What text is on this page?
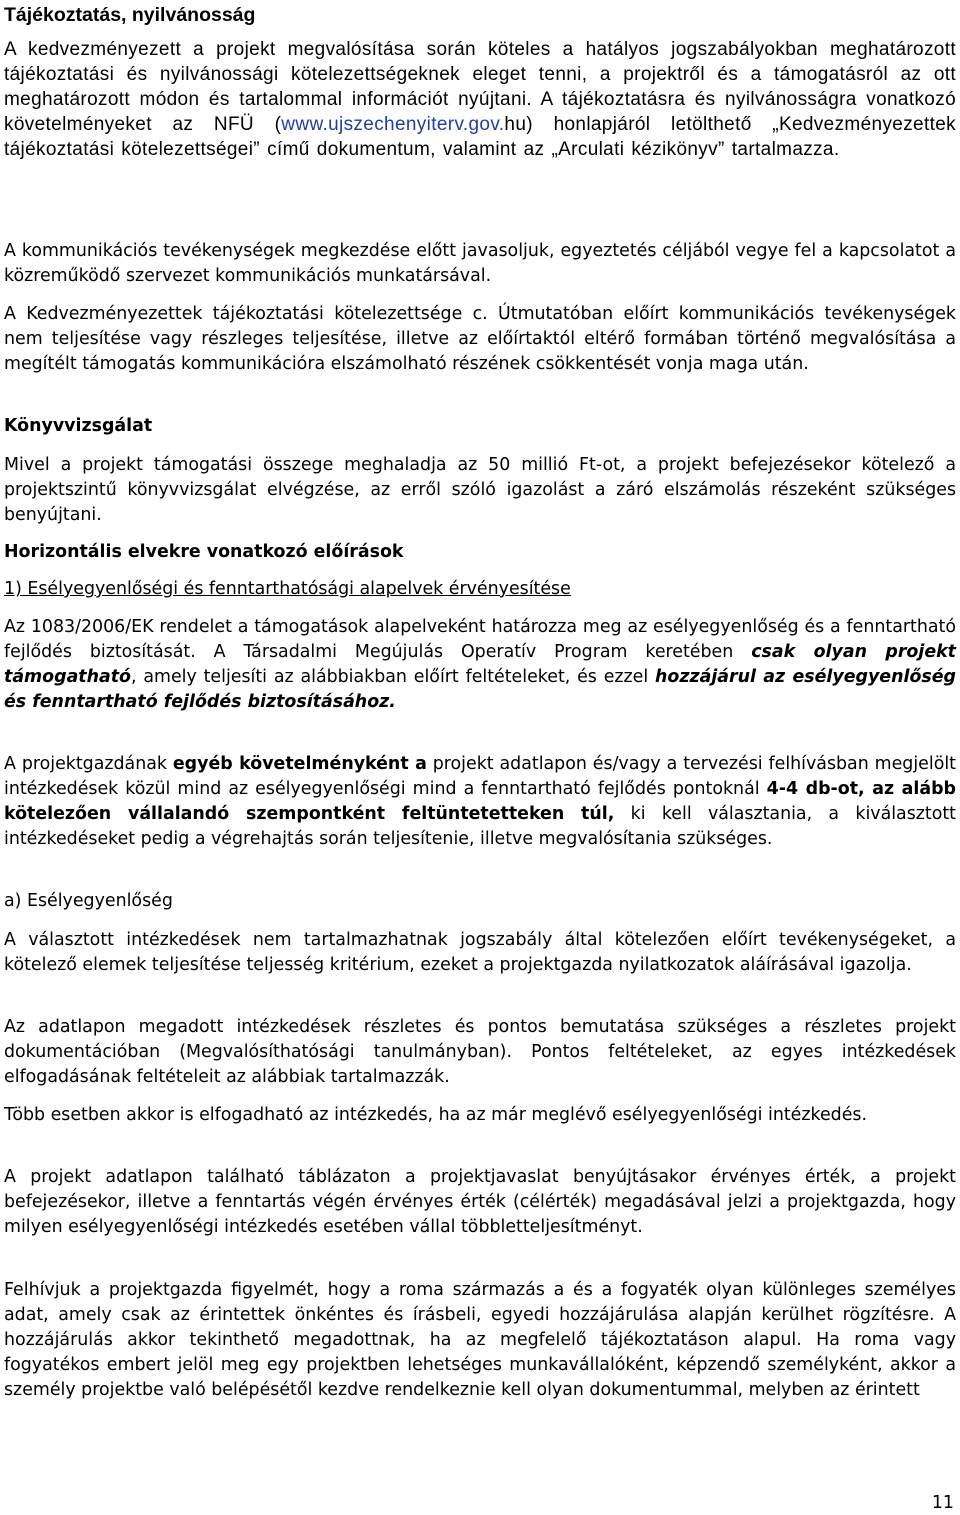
Tájékoztatás, nyilvánosság

A kedvezményezett a projekt megvalósítása során köteles a hatályos jogszabályokban meghatározott tájékoztatási és nyilvánossági kötelezettségeknek eleget tenni, a projektről és a támogatásról az ott meghatározott módon és tartalommal információt nyújtani. A tájékoztatásra és nyilvánosságra vonatkozó követelményeket az NFÜ (www.ujszechenyiterv.gov.hu) honlapjáról letölthető „Kedvezményezettek tájékoztatási kötelezettségei” című dokumentum, valamint az „Arculati kézikönyv” tartalmazza.

A kommunikációs tevékenységek megkezdése előtt javasoljuk, egyeztetés céljából vegye fel a kapcsolatot a közreműködő szervezet kommunikációs munkatársával.

A Kedvezményezettek tájékoztatási kötelezettsége c. Útmutatóban előírt kommunikációs tevékenységek nem teljesítése vagy részleges teljesítése, illetve az előírtaktól eltérő formában történő megvalósítása a megítélt támogatás kommunikációra elszámolható részének csökkentését vonja maga után.

Könyvvizsgálat

Mivel a projekt támogatási összege meghaladja az 50 millió Ft-ot, a projekt befejezésekor kötelező a projektszintű könyvvizsgálat elvégzése, az erről szóló igazolást a záró elszámolás részeként szükséges benyújtani.

Horizontális elvekre vonatkozó előírások
1) Esélyegyenlőségi és fenntarthatósági alapelvek érvényesítése

Az 1083/2006/EK rendelet a támogatások alapelveként határozza meg az esélyegyenlőség és a fenntartható fejlődés biztosítását. A Társadalmi Megújulás Operatív Program keretében csak olyan projekt támogatható, amely teljesíti az alábbiakban előírt feltételeket, és ezzel hozzájárul az esélyegyenlőség és fenntartható fejlődés biztosításához.

A projektgazdának egyéb követelményként a projekt adatlapon és/vagy a tervezési felhívásban megjelölt intézkedések közül mind az esélyegyenlőségi mind a fenntartható fejlődés pontoknál 4-4 db-ot, az alább kötelezően vállalandó szempontként feltüntetetteken túl, ki kell választania, a kiválasztott intézkedéseket pedig a végrehajtás során teljesítenie, illetve megvalósítania szükséges.

a) Esélyegyenlőség

A választott intézkedések nem tartalmazhatnak jogszabály által kötelezően előírt tevékenységeket, a kötelező elemek teljesítése teljesség kritérium, ezeket a projektgazda nyilatkozatok aláírásával igazolja.

Az adatlapon megadott intézkedések részletes és pontos bemutatása szükséges a részletes projekt dokumentációban (Megvalósíthatósági tanulmányban). Pontos feltételeket, az egyes intézkedések elfogadásának feltételeit az alábbiak tartalmazzák.

Több esetben akkor is elfogadható az intézkedés, ha az már meglévő esélyegyenlőségi intézkedés.

A projekt adatlapon található táblázaton a projektjavaslat benyújtásakor érvényes érték, a projekt befejezésekor, illetve a fenntartás végén érvényes érték (célérték) megadásával jelzi a projektgazda, hogy milyen esélyegyenlőségi intézkedés esetében vállal többletteljesítményt.

Felhívjuk a projektgazda figyelmét, hogy a roma származás a és a fogyaték olyan különleges személyes adat, amely csak az érintettek önkéntes és írásbeli, egyedi hozzájárulása alapján kerülhet rögzítésre. A hozzájárulás akkor tekinthető megadottnak, ha az megfelelő tájékoztatáson alapul. Ha roma vagy fogyatékos embert jelöl meg egy projektben lehetséges munkavállalóként, képzendő személyként, akkor a személy projektbe való belépésétől kezdve rendelkeznie kell olyan dokumentummal, melyben az érintett

11
